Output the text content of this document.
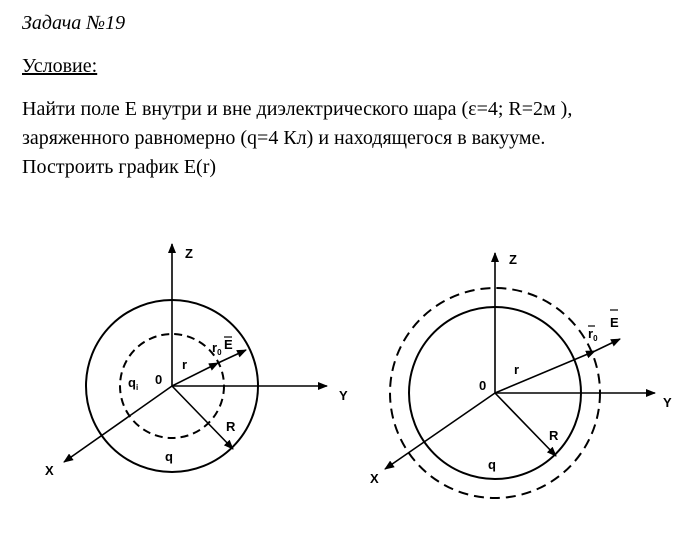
Задача №19

Условие:

Найти поле Е внутри и вне диэлектрического шара (ε=4; R=2м ),
заряженного равномерно (q=4 Кл) и находящегося в вакууме.
Построить график Е(r)

Z
Y
X
0
r
R
$q_i$
q
$r_0$
E
Z
Y
X
0
r
R
q
$r_0$
E
